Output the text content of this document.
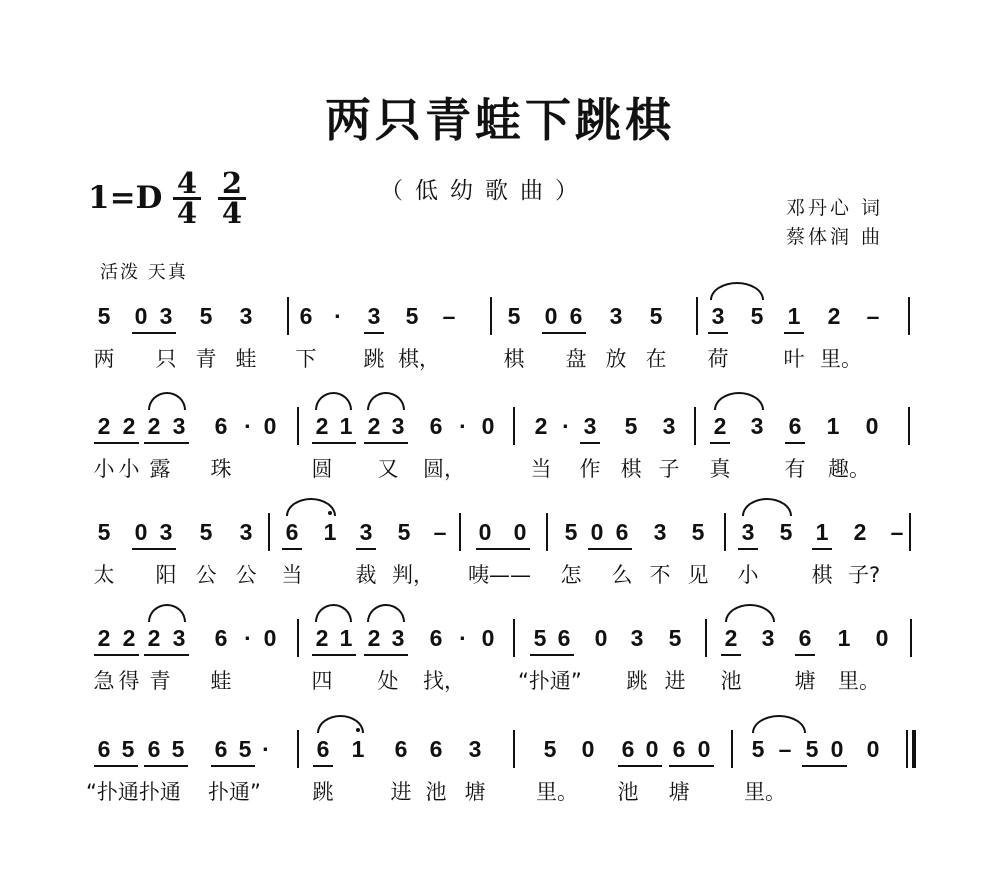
两只青蛙下跳棋
（低幼歌曲）
1=D 4
4
2
4	邓丹心 词
蔡体润 曲
活泼 天真
5 0 3 5 3 6 ·	3 5 – 5 0 6 3 5 3 5 1 2 –
两 只 青 蛙 下 跳 棋，	棋 盘 放 在 荷	叶 里。
2 2 2 3 6 · 0 2 1 2 3 6 · 0 2 · 3 5 3 2 3 6 1 0
小 小 露 珠	圆 又 圆，	当 作 棋 子 真	有 趣。
5 0 3 5 3 6 1 3 5 – 0 0 5 0 6 3 5 3 5 1 2 –
太 阳 公 公 当	裁 判， 咦—— 怎 么 不 见 小	棋 子?
2 2 2 3 6 · 0 2 1 2 3 6 · 0 5 6 0 3 5 2 3 6 1 0
急 得 青 蛙	四 处 找，	“扑通” 跳 进 池	塘 里。
6 5 6 5 6 5 ·	6 1 6 6 3	5 0 6 0 6 0 5 – 5 0 0
“扑通扑通 扑通” 跳	进 池 塘 里。 池 塘	里。
